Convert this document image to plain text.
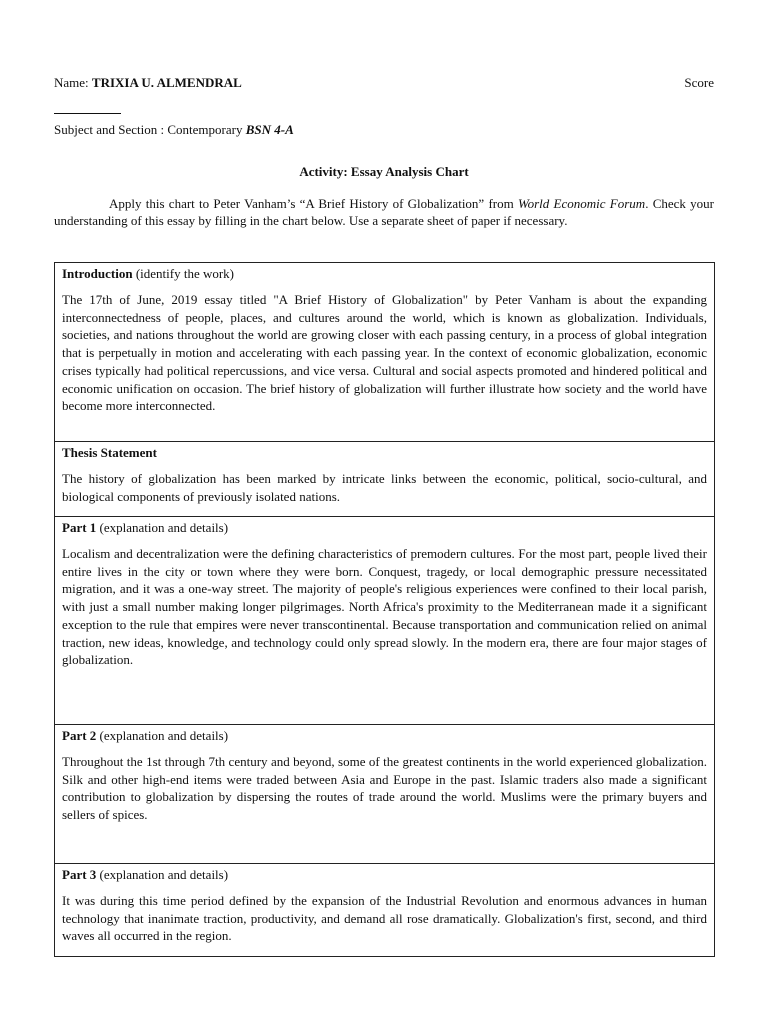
Name: TRIXIA U. ALMENDRAL	Score
Subject and Section : Contemporary BSN 4-A
Activity: Essay Analysis Chart
Apply this chart to Peter Vanham’s “A Brief History of Globalization” from World Economic Forum. Check your understanding of this essay by filling in the chart below. Use a separate sheet of paper if necessary.
Introduction (identify the work)
The 17th of June, 2019 essay titled "A Brief History of Globalization" by Peter Vanham is about the expanding interconnectedness of people, places, and cultures around the world, which is known as globalization. Individuals, societies, and nations throughout the world are growing closer with each passing century, in a process of global integration that is perpetually in motion and accelerating with each passing year. In the context of economic globalization, economic crises typically had political repercussions, and vice versa. Cultural and social aspects promoted and hindered political and economic unification on occasion. The brief history of globalization will further illustrate how society and the world have become more interconnected.

Thesis Statement
The history of globalization has been marked by intricate links between the economic, political, socio-cultural, and biological components of previously isolated nations.

Part 1 (explanation and details)
Localism and decentralization were the defining characteristics of premodern cultures. For the most part, people lived their entire lives in the city or town where they were born. Conquest, tragedy, or local demographic pressure necessitated migration, and it was a one-way street. The majority of people's religious experiences were confined to their local parish, with just a small number making longer pilgrimages. North Africa's proximity to the Mediterranean made it a significant exception to the rule that empires were never transcontinental. Because transportation and communication relied on animal traction, new ideas, knowledge, and technology could only spread slowly. In the modern era, there are four major stages of globalization.

Part 2 (explanation and details)
Throughout the 1st through 7th century and beyond, some of the greatest continents in the world experienced globalization. Silk and other high-end items were traded between Asia and Europe in the past. Islamic traders also made a significant contribution to globalization by dispersing the routes of trade around the world. Muslims were the primary buyers and sellers of spices.

Part 3 (explanation and details)
It was during this time period defined by the expansion of the Industrial Revolution and enormous advances in human technology that inanimate traction, productivity, and demand all rose dramatically. Globalization's first, second, and third waves all occurred in the region.
